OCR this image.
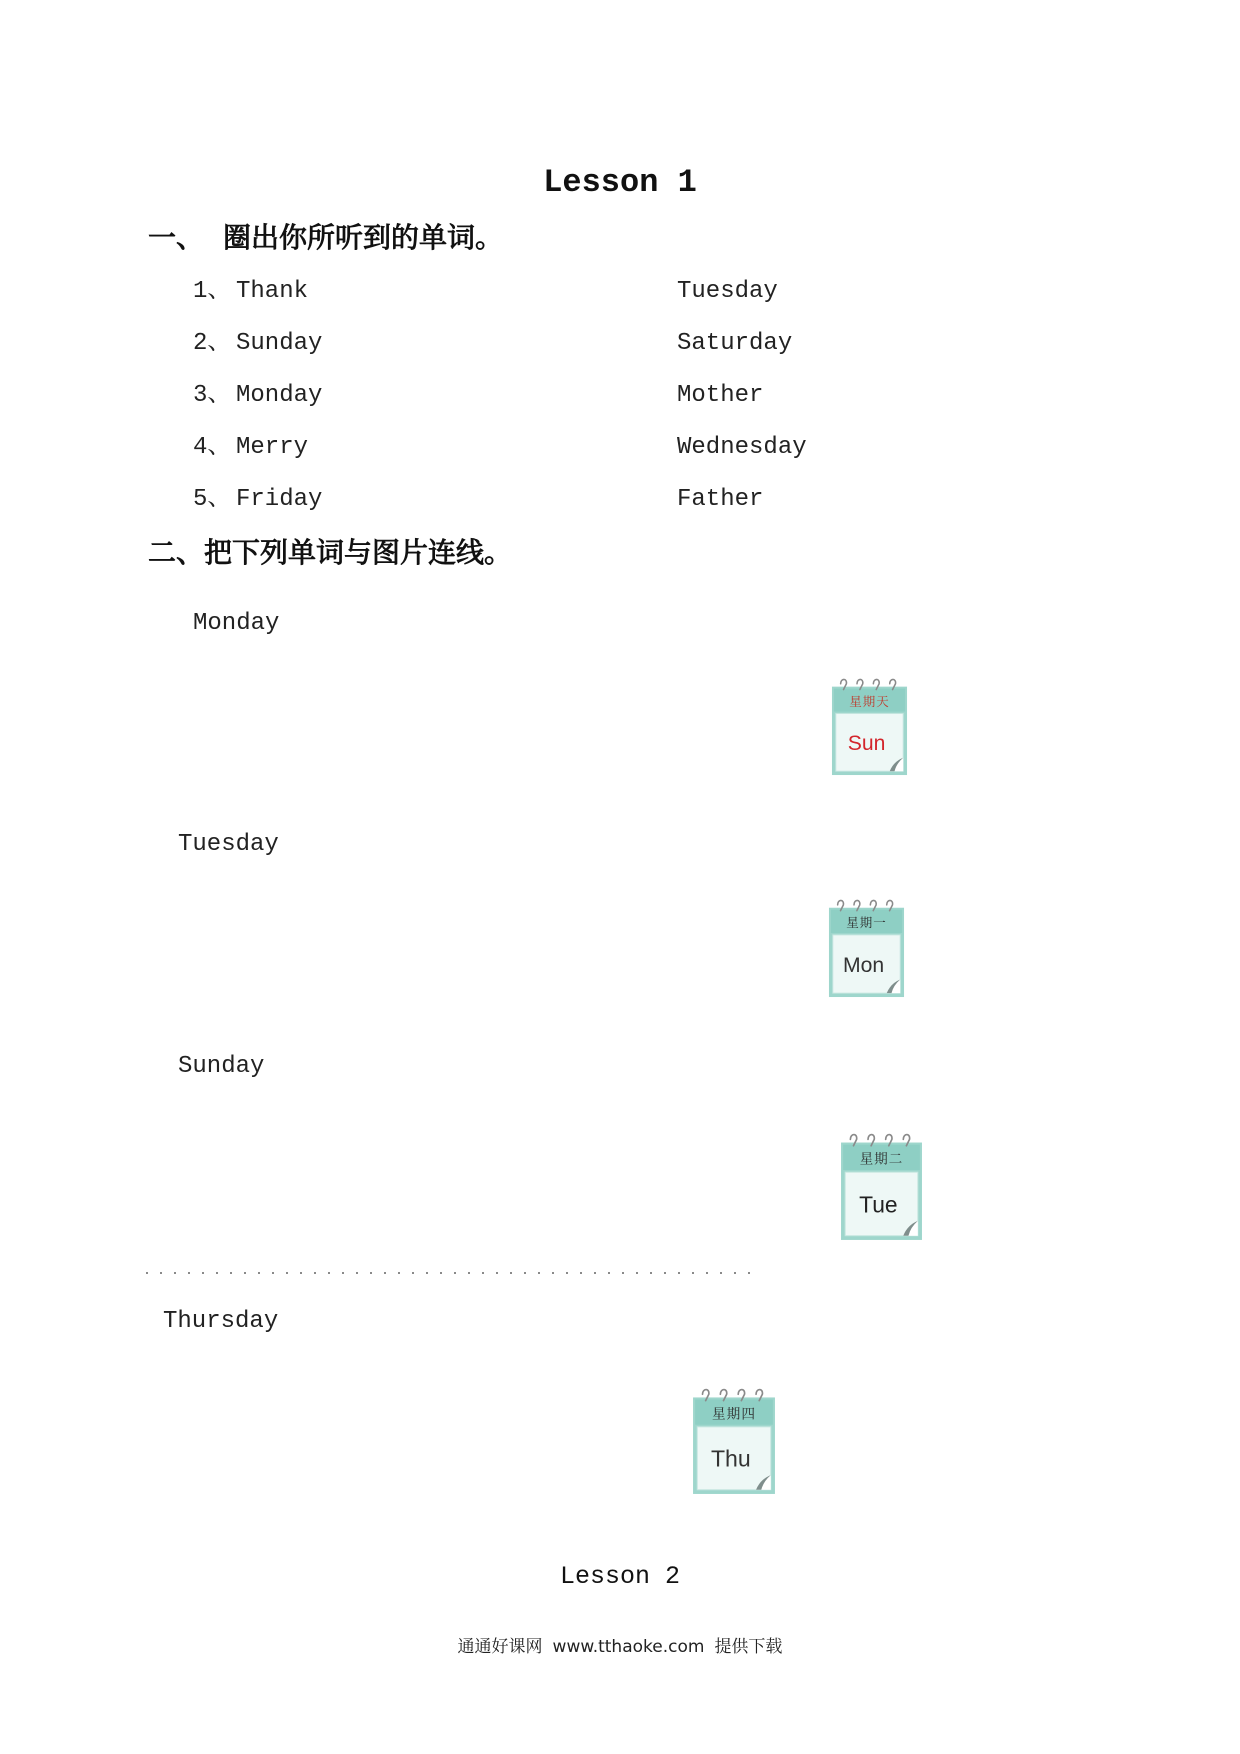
Lesson 1
一、 圈出你所听到的单词。
1、 Thank	Tuesday
2、 Sunday	Saturday
3、 Monday	Mother
4、 Merry	Wednesday
5、 Friday	Father
二、把下列单词与图片连线。
Monday
Tuesday
Sunday
Thursday
星期天
Sun
星期一
Mon
星期二
Tue
星期四
Thu
Lesson 2
通通好课网 www.tthaoke.com 提供下载
